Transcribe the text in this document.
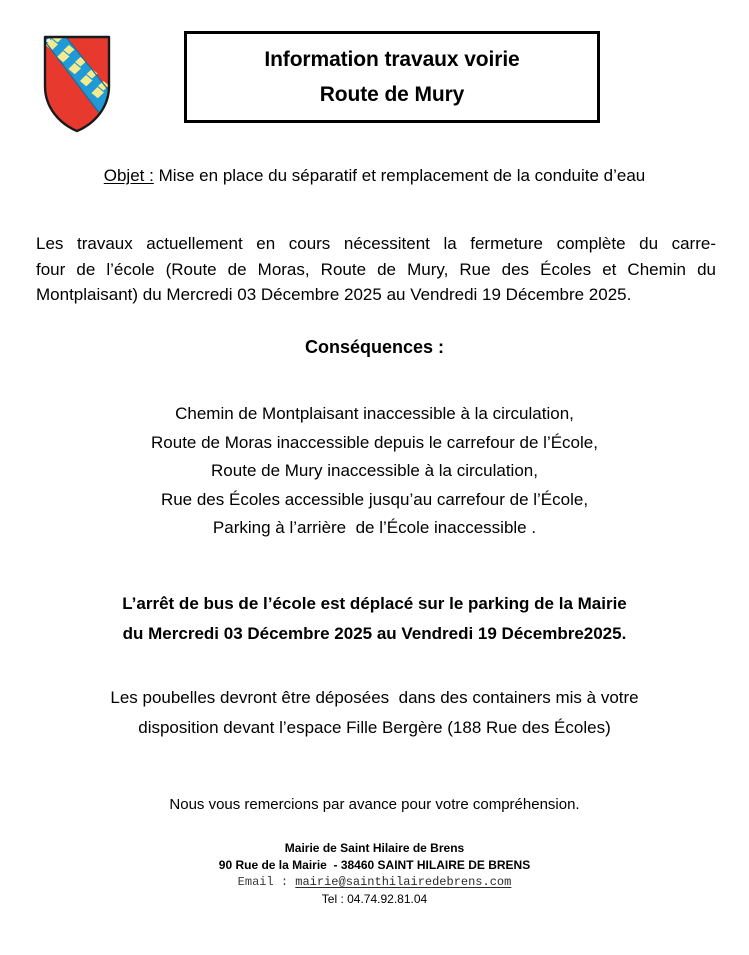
Information travaux voirie
Route de Mury
Objet : Mise en place du séparatif et remplacement de la conduite d’eau
Les travaux actuellement en cours nécessitent la fermeture complète du carre-
four de l’école (Route de Moras, Route de Mury, Rue des Écoles et Chemin du
Montplaisant) du Mercredi 03 Décembre 2025 au Vendredi 19 Décembre 2025.
Conséquences :
Chemin de Montplaisant inaccessible à la circulation,
Route de Moras inaccessible depuis le carrefour de l’École,
Route de Mury inaccessible à la circulation,
Rue des Écoles accessible jusqu’au carrefour de l’École,
Parking à l’arrière  de l’École inaccessible .
L’arrêt de bus de l’école est déplacé sur le parking de la Mairie
du Mercredi 03 Décembre 2025 au Vendredi 19 Décembre2025.
Les poubelles devront être déposées  dans des containers mis à votre
disposition devant l’espace Fille Bergère (188 Rue des Écoles)
Nous vous remercions par avance pour votre compréhension.
Mairie de Saint Hilaire de Brens
90 Rue de la Mairie  - 38460 SAINT HILAIRE DE BRENS
Email : mairie@sainthilairedebrens.com
Tel : 04.74.92.81.04
